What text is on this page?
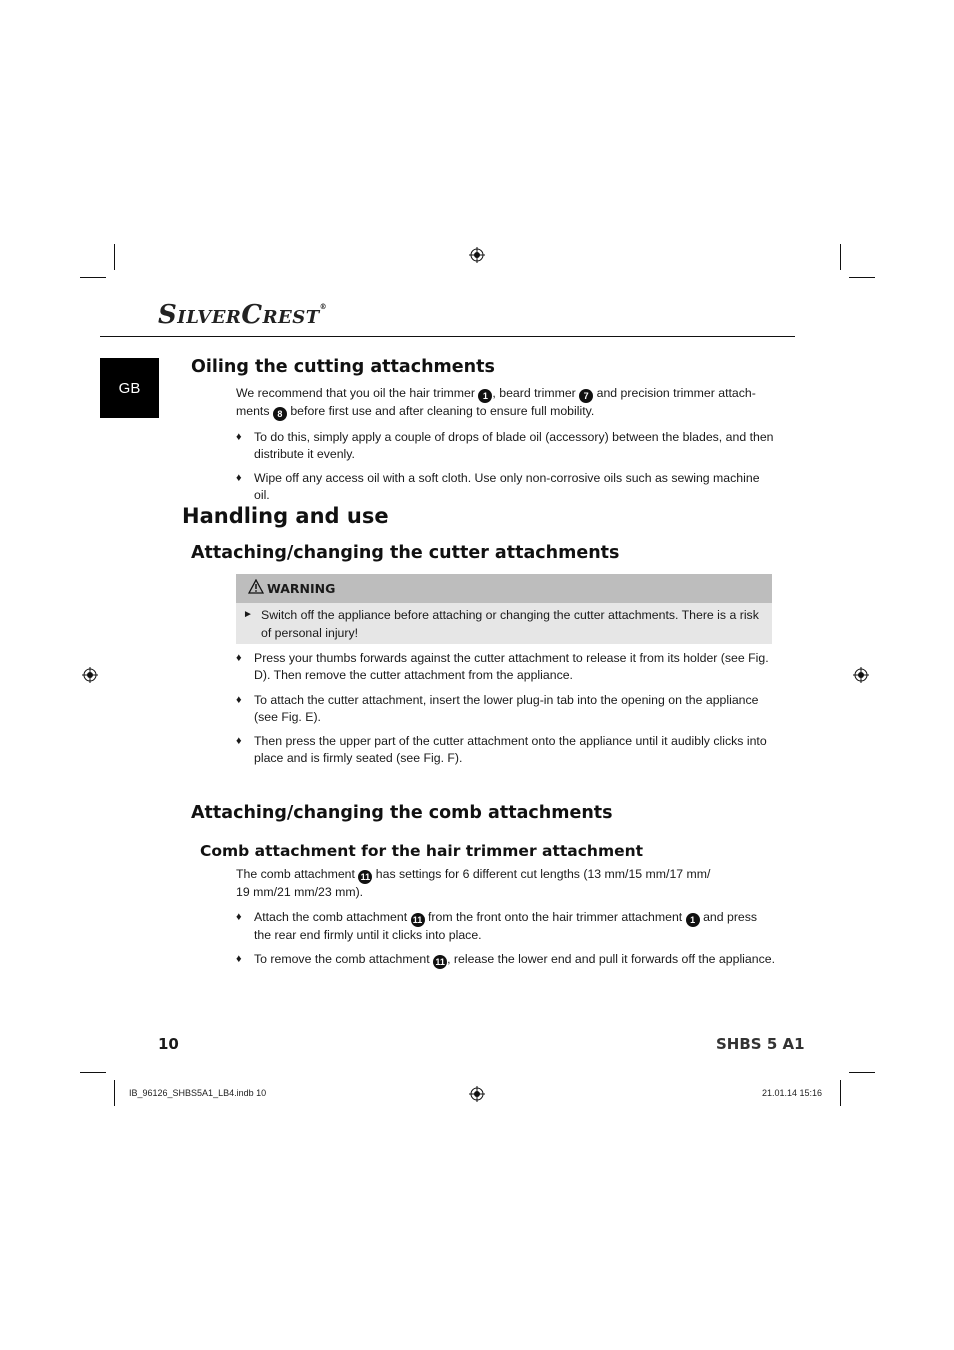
SILVERCREST®
GB
Oiling the cutting attachments
We recommend that you oil the hair trimmer 1 , beard trimmer 7 and precision trimmer attach-
ments 8 before first use and after cleaning to ensure full mobility.
♦ To do this, simply apply a couple of drops of blade oil (accessory) between the blades, and then distribute it evenly.
♦ Wipe off any access oil with a soft cloth. Use only non-corrosive oils such as sewing machine oil.
Handling and use
Attaching/changing the cutter attachments
WARNING
► Switch off the appliance before attaching or changing the cutter attachments. There is a risk of personal injury!
♦ Press your thumbs forwards against the cutter attachment to release it from its holder (see Fig. D). Then remove the cutter attachment from the appliance.
♦ To attach the cutter attachment, insert the lower plug-in tab into the opening on the appliance (see Fig. E).
♦ Then press the upper part of the cutter attachment onto the appliance until it audibly clicks into place and is firmly seated (see Fig. F).
Attaching/changing the comb attachments
Comb attachment for the hair trimmer attachment
The comb attachment 11 has settings for 6 different cut lengths (13 mm/15 mm/17 mm/
19 mm/21 mm/23 mm).
♦ Attach the comb attachment 11 from the front onto the hair trimmer attachment 1 and press
the rear end firmly until it clicks into place.
♦ To remove the comb attachment 11 , release the lower end and pull it forwards off the appliance.
10	SHBS 5 A1
IB_96126_SHBS5A1_LB4.indb 10	21.01.14 15:16
